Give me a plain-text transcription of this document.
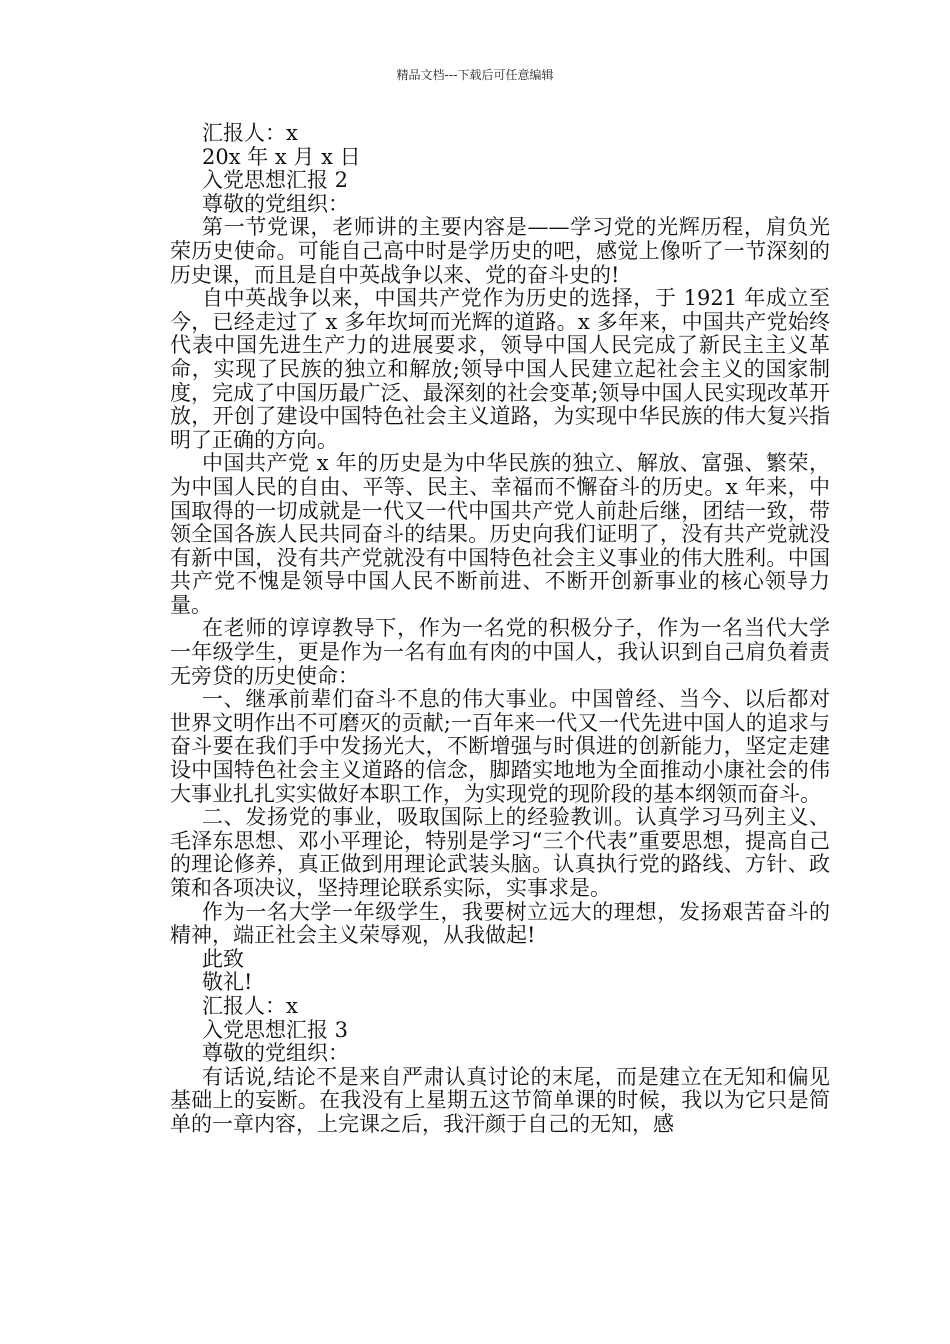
精品文档---下载后可任意编辑
汇报人：x
20x 年 x 月 x 日
入党思想汇报 2
尊敬的党组织：

第一节党课，老师讲的主要内容是——学习党的光辉历程，肩负光荣历史使命。可能自己高中时是学历史的吧，感觉上像听了一节深刻的历史课，而且是自中英战争以来、党的奋斗史的!

自中英战争以来，中国共产党作为历史的选择，于 1921 年成立至今，已经走过了 x 多年坎坷而光辉的道路。x 多年来，中国共产党始终代表中国先进生产力的进展要求，领导中国人民完成了新民主主义革命，实现了民族的独立和解放;领导中国人民建立起社会主义的国家制度，完成了中国历最广泛、最深刻的社会变革;领导中国人民实现改革开放，开创了建设中国特色社会主义道路，为实现中华民族的伟大复兴指明了正确的方向。

中国共产党 x 年的历史是为中华民族的独立、解放、富强、繁荣，为中国人民的自由、平等、民主、幸福而不懈奋斗的历史。x 年来，中国取得的一切成就是一代又一代中国共产党人前赴后继，团结一致，带领全国各族人民共同奋斗的结果。历史向我们证明了，没有共产党就没有新中国，没有共产党就没有中国特色社会主义事业的伟大胜利。中国共产党不愧是领导中国人民不断前进、不断开创新事业的核心领导力量。

在老师的谆谆教导下，作为一名党的积极分子，作为一名当代大学一年级学生，更是作为一名有血有肉的中国人，我认识到自己肩负着责无旁贷的历史使命：

一、继承前辈们奋斗不息的伟大事业。中国曾经、当今、以后都对世界文明作出不可磨灭的贡献;一百年来一代又一代先进中国人的追求与奋斗要在我们手中发扬光大，不断增强与时俱进的创新能力，坚定走建设中国特色社会主义道路的信念，脚踏实地地为全面推动小康社会的伟大事业扎扎实实做好本职工作，为实现党的现阶段的基本纲领而奋斗。

二、发扬党的事业，吸取国际上的经验教训。认真学习马列主义、毛泽东思想、邓小平理论，特别是学习“三个代表”重要思想，提高自己的理论修养，真正做到用理论武装头脑。认真执行党的路线、方针、政策和各项决议，坚持理论联系实际，实事求是。

作为一名大学一年级学生，我要树立远大的理想，发扬艰苦奋斗的精神，端正社会主义荣辱观，从我做起!

此致
敬礼!
汇报人：x
入党思想汇报 3
尊敬的党组织：

有话说,结论不是来自严肃认真讨论的末尾，而是建立在无知和偏见基础上的妄断。在我没有上星期五这节简单课的时候，我以为它只是简单的一章内容，上完课之后，我汗颜于自己的无知，感
